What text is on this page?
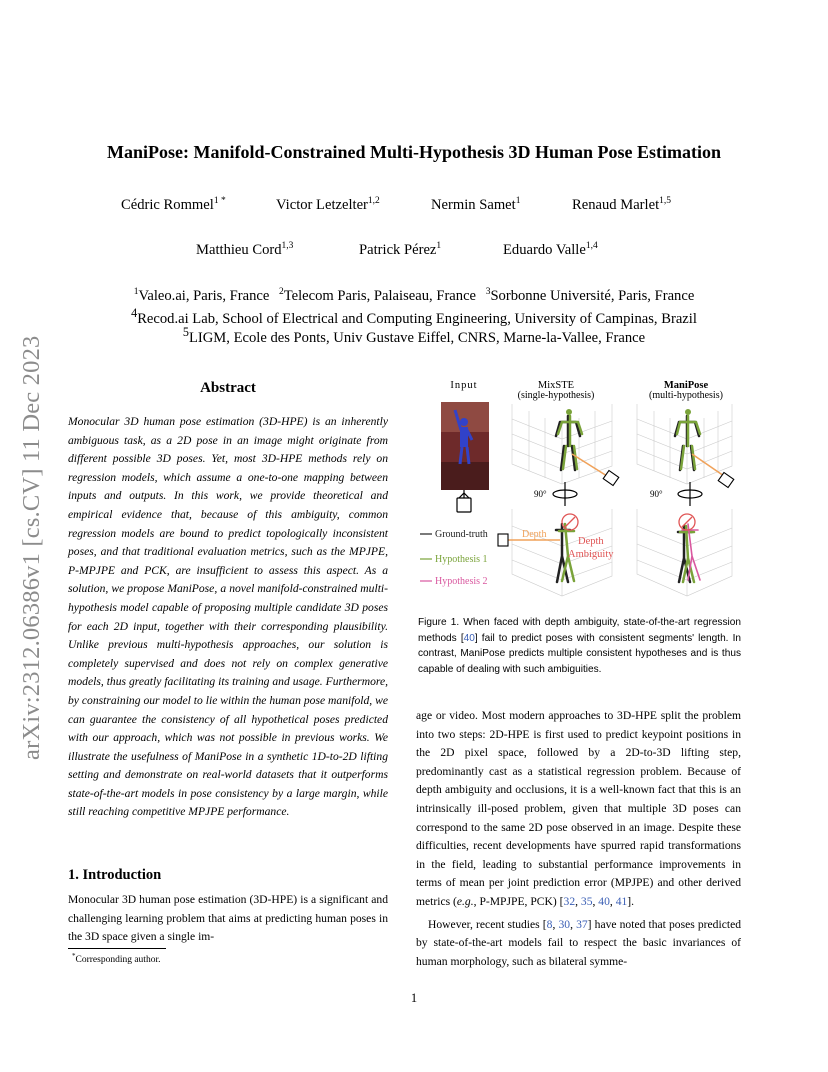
arXiv:2312.06386v1 [cs.CV] 11 Dec 2023
ManiPose: Manifold-Constrained Multi-Hypothesis 3D Human Pose Estimation
Cédric Rommel$^{1 *}$	Victor Letzelter$^{1,2}$	Nermin Samet$^1$	Renaud Marlet$^{1,5}$
Matthieu Cord$^{1,3}$	Patrick Pérez$^1$	Eduardo Valle$^{1,4}$
$^1$Valeo.ai, Paris, France $^2$Telecom Paris, Palaiseau, France $^3$Sorbonne Université, Paris, France
$^4$Recod.ai Lab, School of Electrical and Computing Engineering, University of Campinas, Brazil
$^5$LIGM, Ecole des Ponts, Univ Gustave Eiffel, CNRS, Marne-la-Vallee, France
Abstract
Monocular 3D human pose estimation (3D-HPE) is an inherently ambiguous task, as a 2D pose in an image might originate from different possible 3D poses. Yet, most 3D-HPE methods rely on regression models, which assume a one-to-one mapping between inputs and outputs. In this work, we provide theoretical and empirical evidence that, because of this ambiguity, common regression models are bound to predict topologically inconsistent poses, and that traditional evaluation metrics, such as the MPJPE, P-MPJPE and PCK, are insufficient to assess this aspect. As a solution, we propose ManiPose, a novel manifold-constrained multi-hypothesis model capable of proposing multiple candidate 3D poses for each 2D input, together with their corresponding plausibility. Unlike previous multi-hypothesis approaches, our solution is completely supervised and does not rely on complex generative models, thus greatly facilitating its training and usage. Furthermore, by constraining our model to lie within the human pose manifold, we can guarantee the consistency of all hypothetical poses predicted with our approach, which was not possible in previous works. We illustrate the usefulness of ManiPose in a synthetic 1D-to-2D lifting setting and demonstrate on real-world datasets that it outperforms state-of-the-art models in pose consistency by a large margin, while still reaching competitive MPJPE performance.
1. Introduction
Monocular 3D human pose estimation (3D-HPE) is a significant and challenging learning problem that aims at predicting human poses in the 3D space given a single im-
*Corresponding author.
Input	MixSTE
(single-hypothesis)
ManiPose
(multi-hypothesis)
90°	90°
Depth
Depth
Ambiguity
Ground-truth
Hypothesis 1
Hypothesis 2
Figure 1. When faced with depth ambiguity, state-of-the-art regression methods [40] fail to predict poses with consistent segments' length. In contrast, ManiPose predicts multiple consistent hypotheses and is thus capable of dealing with such ambiguities.

age or video. Most modern approaches to 3D-HPE split the problem into two steps: 2D-HPE is first used to predict keypoint positions in the 2D pixel space, followed by a 2D-to-3D lifting step, predominantly cast as a statistical regression problem. Because of depth ambiguity and occlusions, it is a well-known fact that this is an intrinsically ill-posed problem, given that multiple 3D poses can correspond to the same 2D pose observed in an image. Despite these difficulties, recent developments have spurred rapid transformations in the field, leading to substantial performance improvements in terms of mean per joint prediction error (MPJPE) and other derived metrics (e.g., P-MPJPE, PCK) [32, 35, 40, 41].

However, recent studies [8, 30, 37] have noted that poses predicted by state-of-the-art models fail to respect the basic invariances of human morphology, such as bilateral symme-

1
